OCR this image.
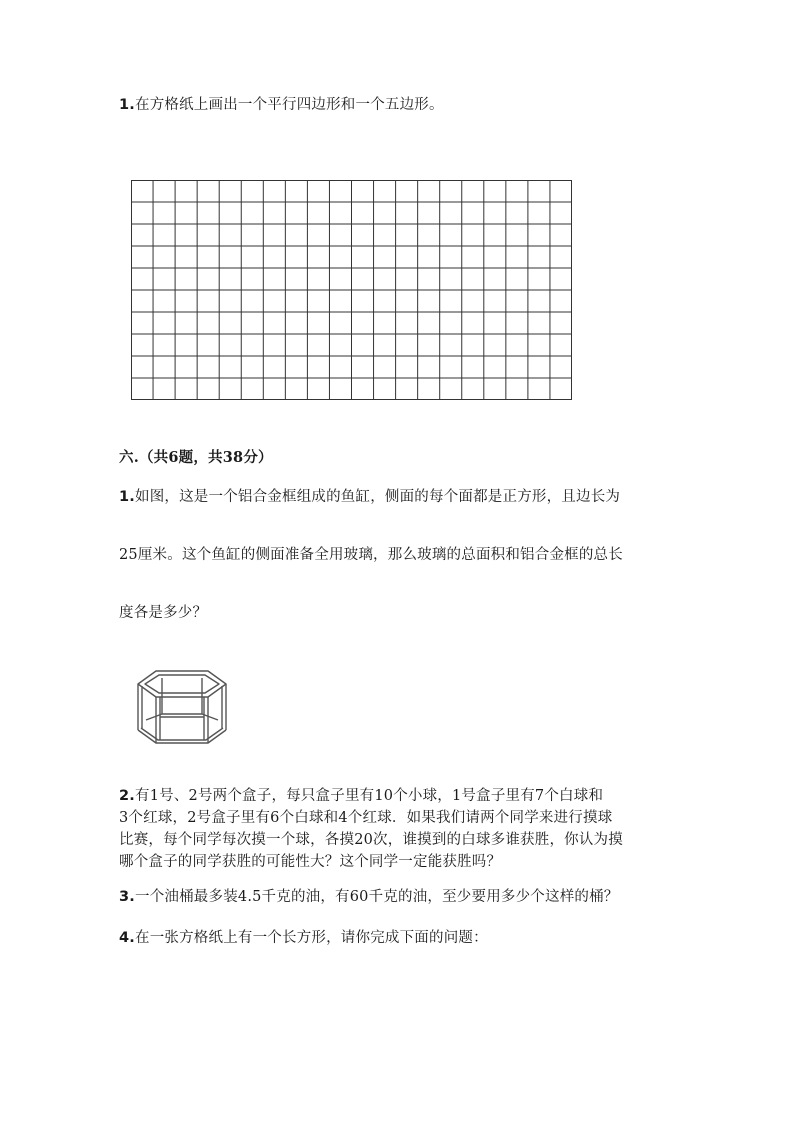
1.在方格纸上画出一个平行四边形和一个五边形。
六.（共6题，共38分）
1.如图，这是一个铝合金框组成的鱼缸，侧面的每个面都是正方形，且边长为
25厘米。这个鱼缸的侧面准备全用玻璃，那么玻璃的总面积和铝合金框的总长
度各是多少？
2.有1号、2号两个盒子，每只盒子里有10个小球，1号盒子里有7个白球和
3个红球，2号盒子里有6个白球和4个红球．如果我们请两个同学来进行摸球
比赛，每个同学每次摸一个球，各摸20次，谁摸到的白球多谁获胜，你认为摸
哪个盒子的同学获胜的可能性大？这个同学一定能获胜吗？
3.一个油桶最多装4.5千克的油，有60千克的油，至少要用多少个这样的桶？
4.在一张方格纸上有一个长方形，请你完成下面的问题：
